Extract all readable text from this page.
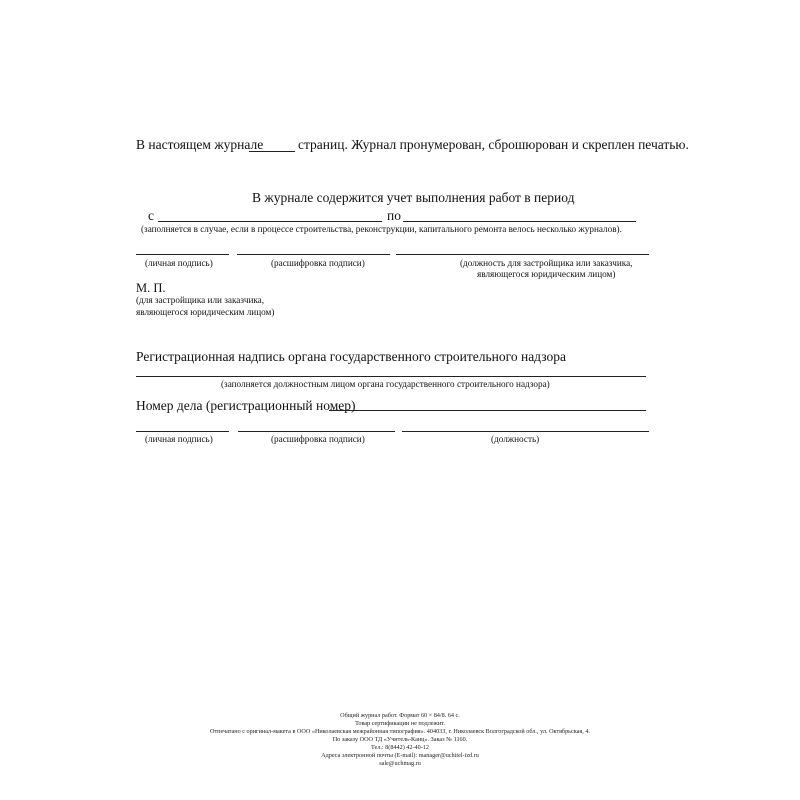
В настоящем журнале	страниц. Журнал пронумерован, сброшюрован и скреплен печатью.
В журнале содержится учет выполнения работ в период
с	по
(заполняется в случае, если в процессе строительства, реконструкции, капитального ремонта велось несколько журналов).
(личная подпись)	(расшифровка подписи)	(должность для застройщика или заказчика,
являющегося юридическим лицом)
М. П.
(для застройщика или заказчика,
являющегося юридическим лицом)
Регистрационная надпись органа государственного строительного надзора
(заполняется должностным лицом органа государственного строительного надзора)
Номер дела (регистрационный номер)
(личная подпись)	(расшифровка подписи)	(должность)
Общий журнал работ. Формат 60 × 84/8. 64 с.
Товар сертификации не подлежит.
Отпечатано с оригинал-макета в ООО «Николаевская межрайонная типография». 404033, г. Николаевск Волгоградской обл., ул. Октябрьская, 4.
По заказу ООО ТД «Учитель-Канц». Заказ № 1160.
Тел.: 8(8442) 42-40-12
Адреса электронной почты (E-mail): manager@uchitel-izd.ru
sale@uchmag.ru
